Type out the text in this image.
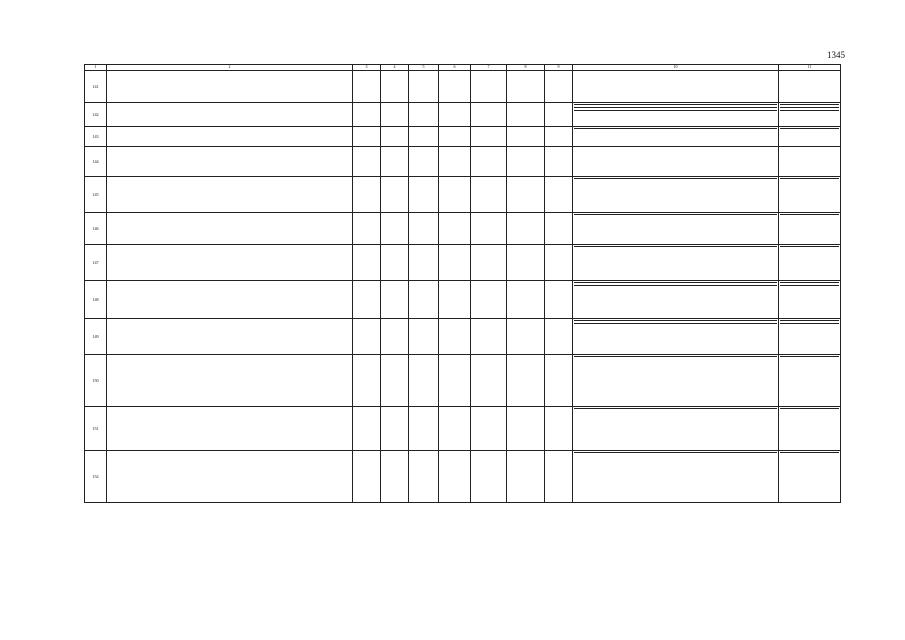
1345
1	2	3	4	5	6	7	8	9	10	11
141									

142									

143									

144									

145									

146									

147									

148									

149									

150									

151									

152									
